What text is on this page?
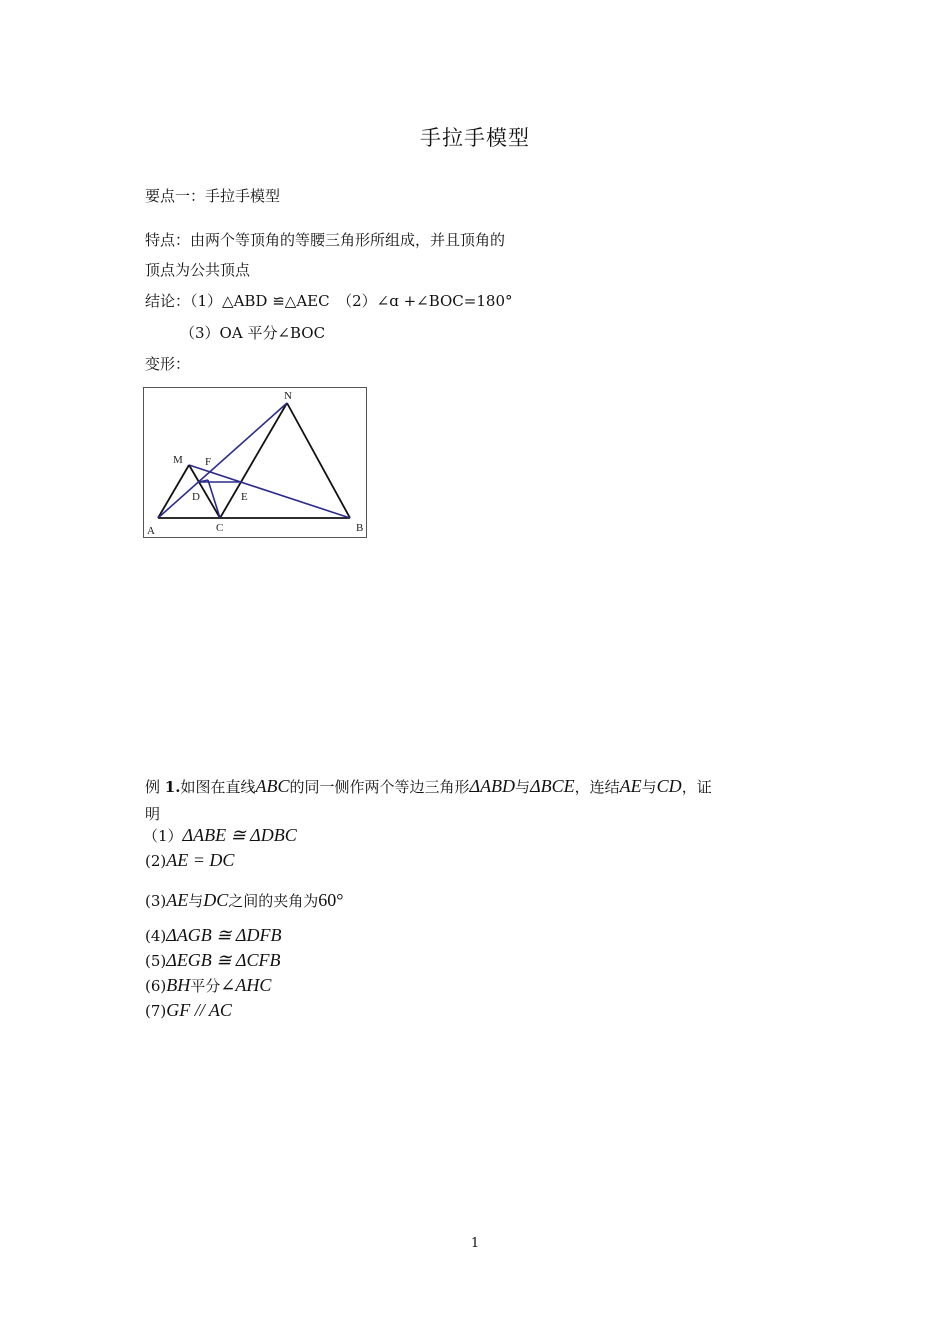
手拉手模型
要点一：手拉手模型
特点：由两个等顶角的等腰三角形所组成，并且顶角的
顶点为公共顶点
结论：（1）△ABD ≌△AEC　（2）∠ɑ +∠BOC=180°
（3）OA 平分∠BOC
变形：
N
M F
D	E
A	C	B
例 1.如图在直线ABC的同一侧作两个等边三角形ΔABD与ΔBCE，连结AE与CD，证
明
（1）ΔABE ≅ ΔDBC
(2)AE = DC
(3)AE与DC之间的夹角为60°
(4)ΔAGB ≅ ΔDFB
(5)ΔEGB ≅ ΔCFB
(6)BH平分∠AHC
(7)GF // AC
1
